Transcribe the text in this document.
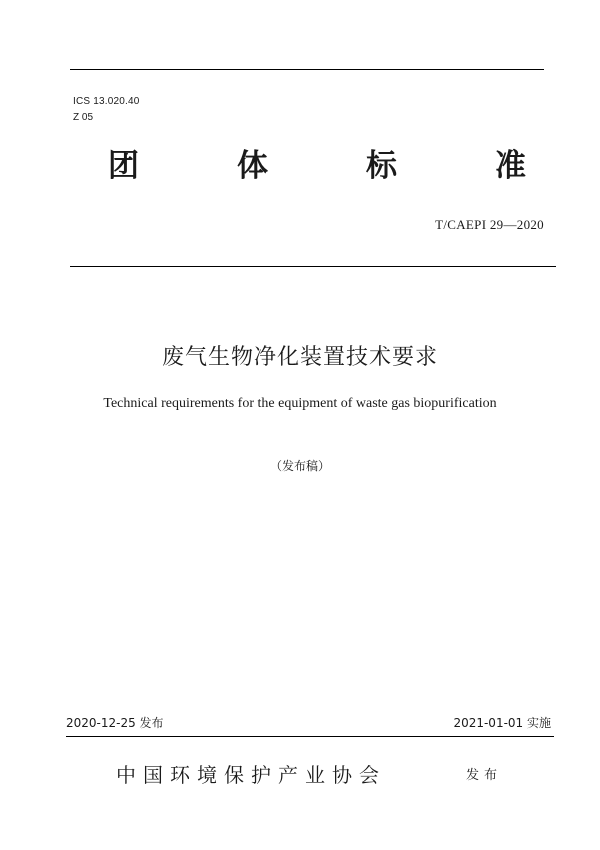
ICS 13.020.40
Z 05
团	体	标	准
T/CAEPI 29—2020
废气生物净化装置技术要求
Technical requirements for the equipment of waste gas biopurification
（发布稿）
2020-12-25 发布	2021-01-01 实施
中国环境保护产业协会	发布
